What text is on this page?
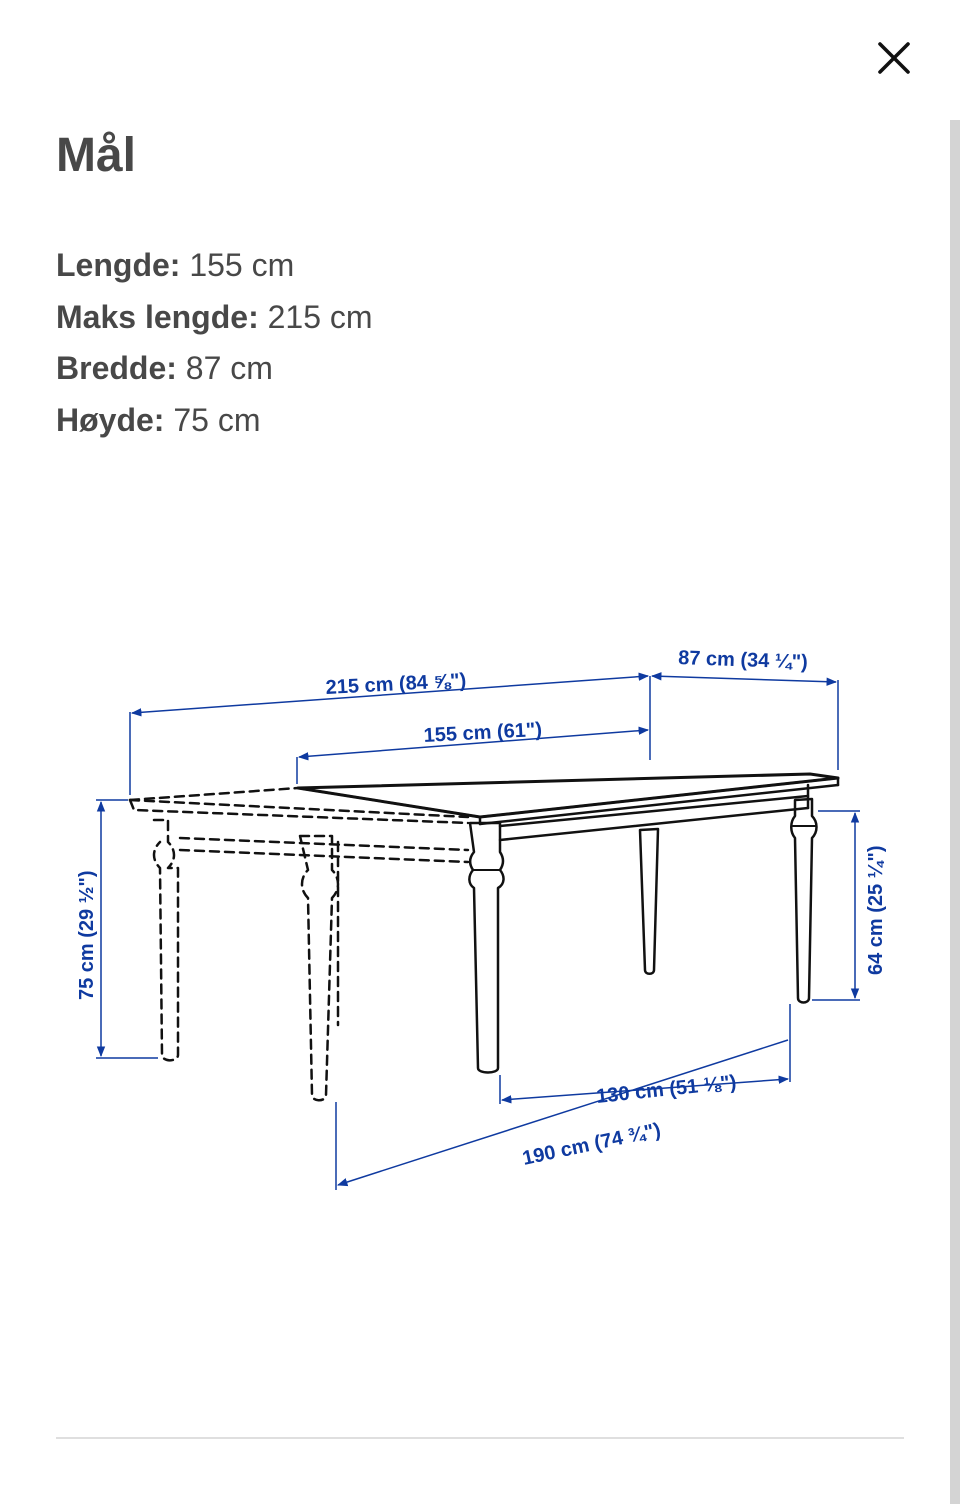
Mål
Lengde: 155 cm
Maks lengde: 215 cm
Bredde: 87 cm
Høyde: 75 cm
215 cm (84 ⅝")
155 cm (61")
87 cm (34 ¼")
75 cm (29 ½")	64 cm (25 ¼")
130 cm (51 ⅛")
190 cm (74 ¾")
